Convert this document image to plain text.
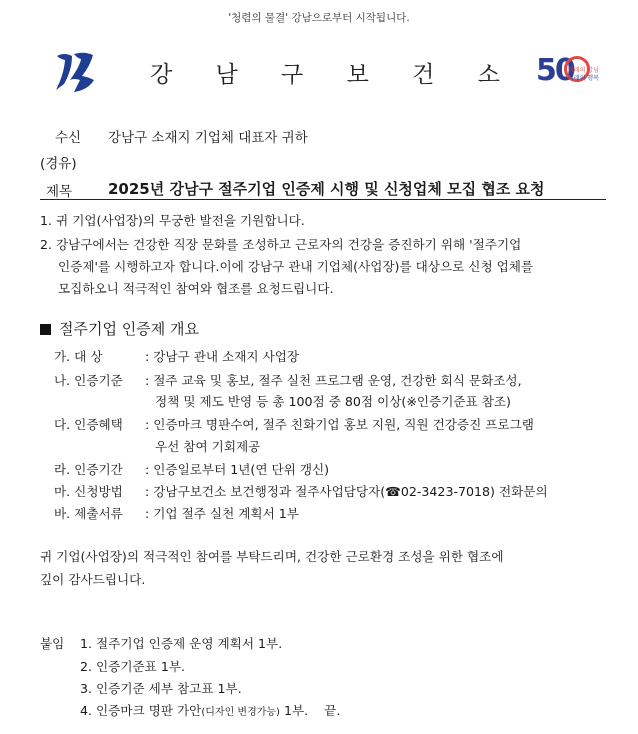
'청렴의 물결' 강남으로부터 시작됩니다.
강 남 구 보 건 소 50
미래의 강남
미래의 행복
수신 강남구 소재지 기업체 대표자 귀하
(경유)
제목 2025년 강남구 절주기업 인증제 시행 및 신청업체 모집 협조 요청
1. 귀 기업(사업장)의 무궁한 발전을 기원합니다.
2. 강남구에서는 건강한 직장 문화를 조성하고 근로자의 건강을 증진하기 위해 '절주기업
인증제'를 시행하고자 합니다.이에 강남구 관내 기업체(사업장)를 대상으로 신청 업체를
모집하오니 적극적인 참여와 협조를 요청드립니다.
절주기업 인증제 개요
가. 대 상	: 강남구 관내 소재지 사업장
나. 인증기준 : 절주 교육 및 홍보, 절주 실천 프로그램 운영, 건강한 회식 문화조성,
정책 및 제도 반영 등 총 100점 중 80점 이상(※인증기준표 참조)
다. 인증혜택 : 인증마크 명판수여, 절주 친화기업 홍보 지원, 직원 건강증진 프로그램
우선 참여 기회제공
라. 인증기간 : 인증일로부터 1년(연 단위 갱신)
마. 신청방법 : 강남구보건소 보건행정과 절주사업담당자(☎02-3423-7018) 전화문의
바. 제출서류 : 기업 절주 실천 계획서 1부
귀 기업(사업장)의 적극적인 참여를 부탁드리며, 건강한 근로환경 조성을 위한 협조에
깊이 감사드립니다.
붙임 1. 절주기업 인증제 운영 계획서 1부.
2. 인증기준표 1부.
3. 인증기준 세부 참고표 1부.
4. 인증마크 명판 가안(디자인 변경가능) 1부. 끝.
